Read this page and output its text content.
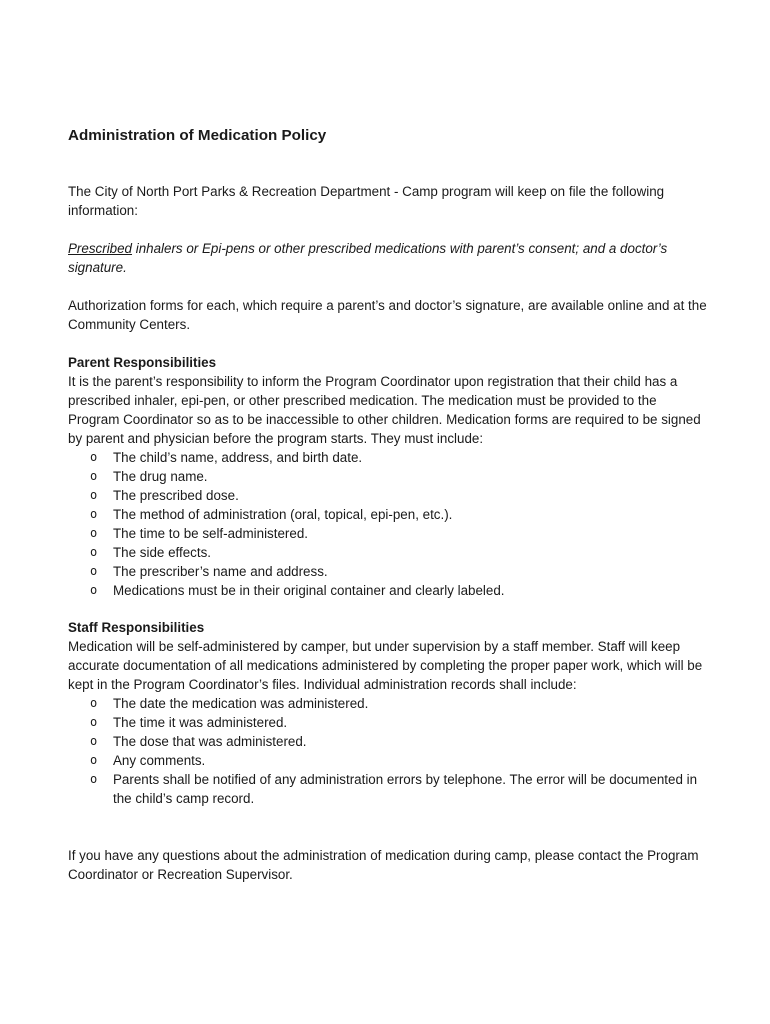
Administration of Medication Policy

The City of North Port Parks & Recreation Department - Camp program will keep on file the following information:

Prescribed inhalers or Epi-pens or other prescribed medications with parent’s consent; and a doctor’s signature.

Authorization forms for each, which require a parent’s and doctor’s signature, are available online and at the Community Centers.

Parent Responsibilities

It is the parent’s responsibility to inform the Program Coordinator upon registration that their child has a prescribed inhaler, epi-pen, or other prescribed medication. The medication must be provided to the Program Coordinator so as to be inaccessible to other children. Medication forms are required to be signed by parent and physician before the program starts. They must include:

o The child’s name, address, and birth date.
o The drug name.
o The prescribed dose.
o The method of administration (oral, topical, epi-pen, etc.).
o The time to be self-administered.
o The side effects.
o The prescriber’s name and address.
o Medications must be in their original container and clearly labeled.
Staff Responsibilities

Medication will be self-administered by camper, but under supervision by a staff member. Staff will keep accurate documentation of all medications administered by completing the proper paper work, which will be kept in the Program Coordinator’s files. Individual administration records shall include:

o The date the medication was administered.
o The time it was administered.
o The dose that was administered.
o Any comments.
o Parents shall be notified of any administration errors by telephone. The error will be documented in the child’s camp record.

If you have any questions about the administration of medication during camp, please contact the Program Coordinator or Recreation Supervisor.
